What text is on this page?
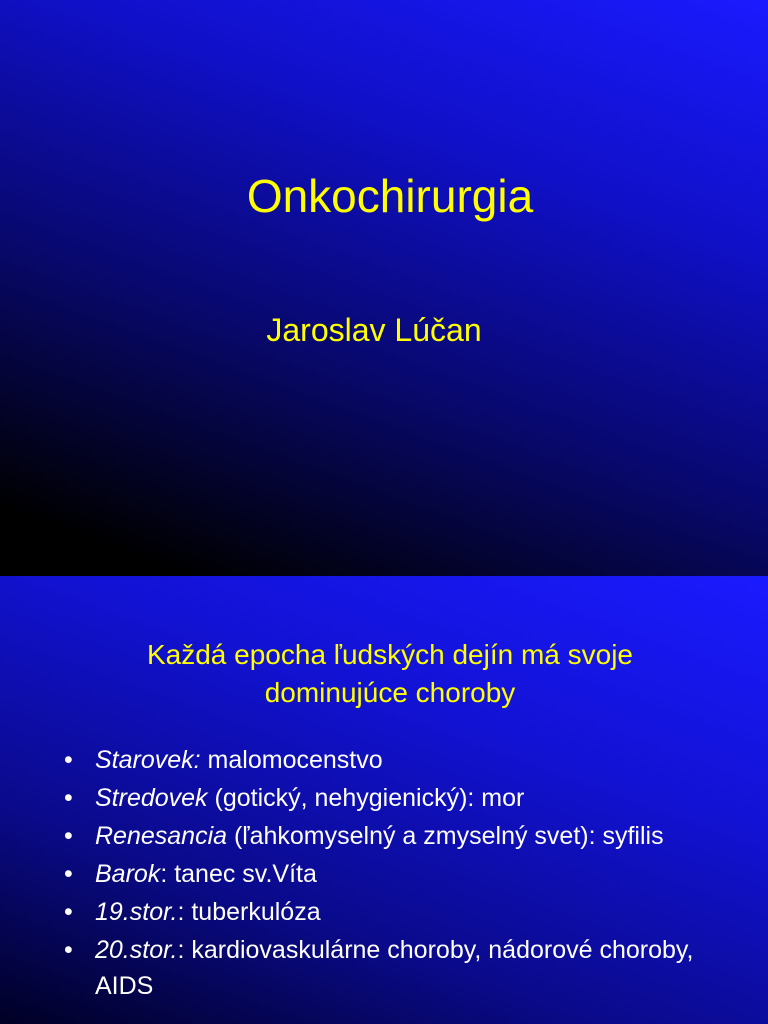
Onkochirurgia
Jaroslav Lúčan
Každá epocha ľudských dejín má svoje
dominujúce choroby
• Starovek: malomocenstvo
• Stredovek (gotický, nehygienický): mor
• Renesancia (ľahkomyselný a zmyselný svet): syfilis
• Barok: tanec sv.Víta
• 19.stor.: tuberkulóza
• 20.stor.: kardiovaskulárne choroby, nádorové choroby, AIDS
